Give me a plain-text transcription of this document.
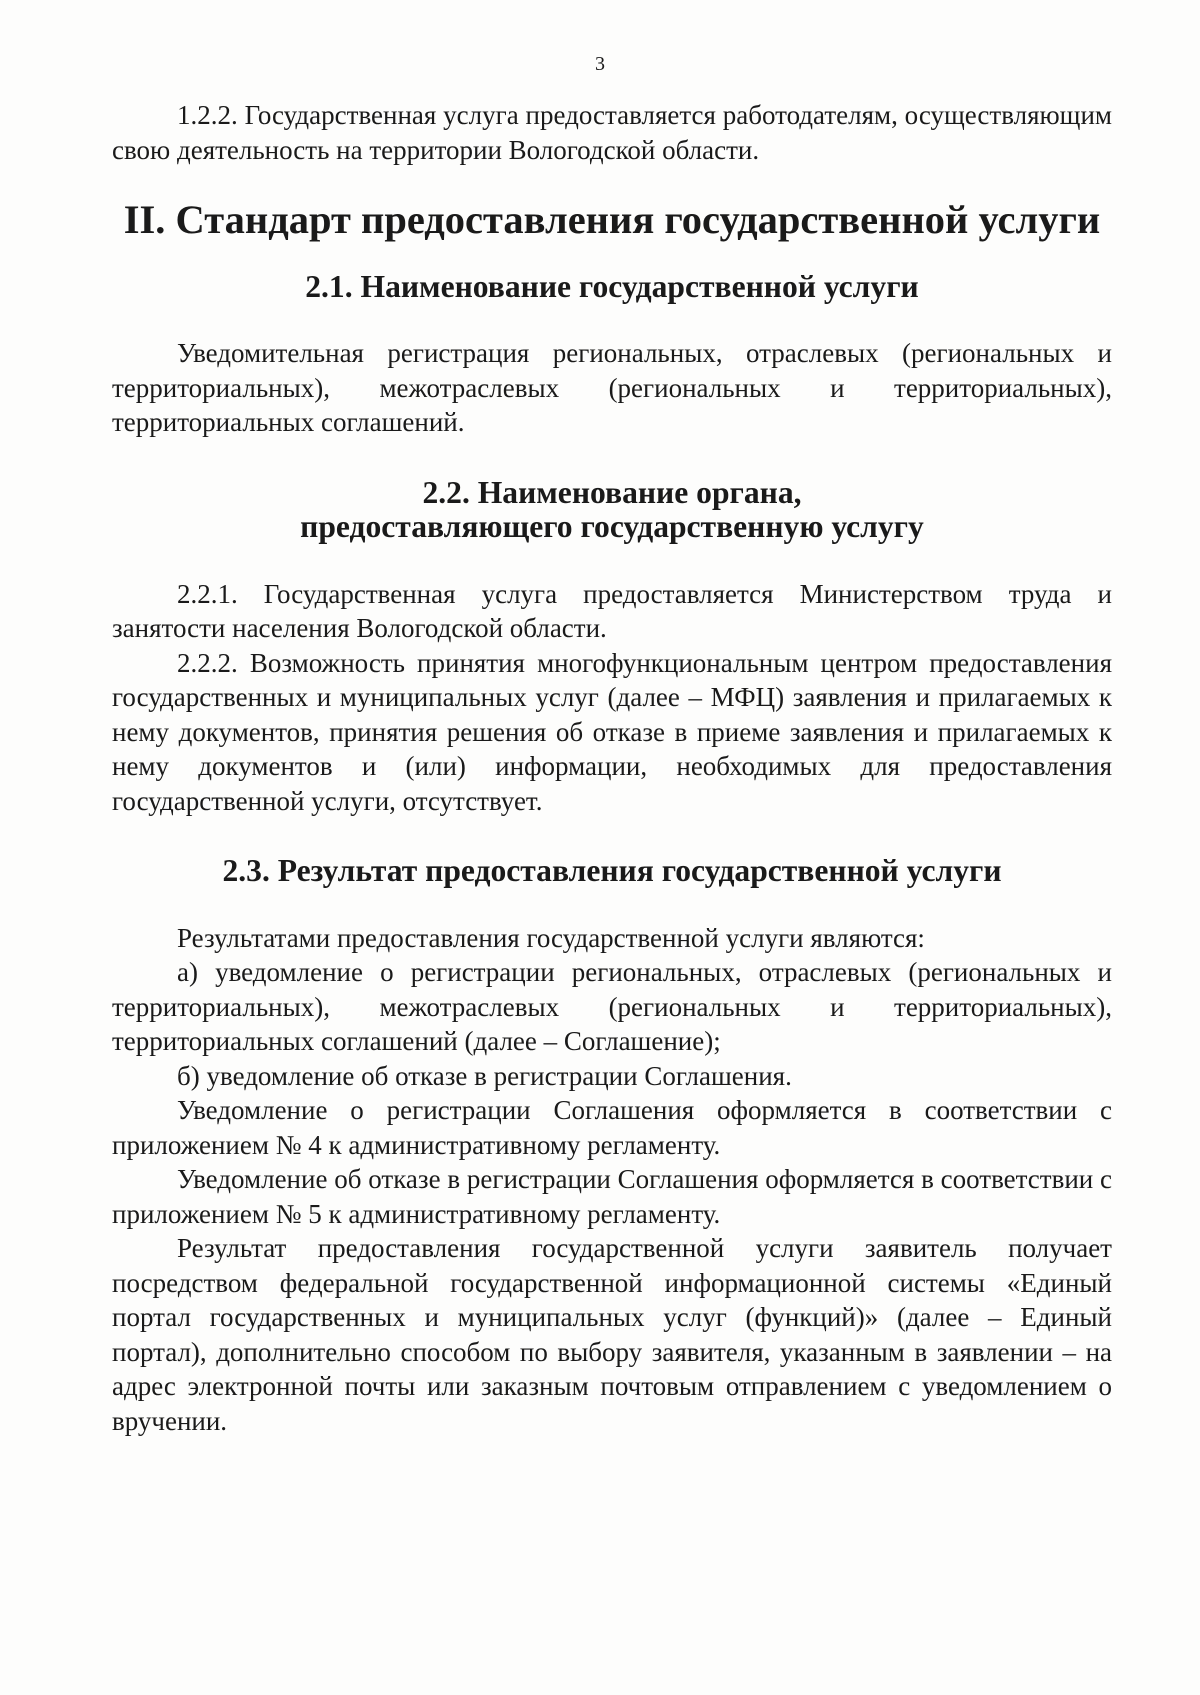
3

1.2.2. Государственная услуга предоставляется работодателям, осуществляющим свою деятельность на территории Вологодской области.

II. Стандарт предоставления государственной услуги
2.1. Наименование государственной услуги

Уведомительная регистрация региональных, отраслевых (региональных и территориальных), межотраслевых (региональных и территориальных), территориальных соглашений.

2.2. Наименование органа,
предоставляющего государственную услугу

2.2.1. Государственная услуга предоставляется Министерством труда и занятости населения Вологодской области.

2.2.2. Возможность принятия многофункциональным центром предоставления государственных и муниципальных услуг (далее – МФЦ) заявления и прилагаемых к нему документов, принятия решения об отказе в приеме заявления и прилагаемых к нему документов и (или) информации, необходимых для предоставления государственной услуги, отсутствует.

2.3. Результат предоставления государственной услуги

Результатами предоставления государственной услуги являются:

а) уведомление о регистрации региональных, отраслевых (региональных и территориальных), межотраслевых (региональных и территориальных), территориальных соглашений (далее – Соглашение);

б) уведомление об отказе в регистрации Соглашения.

Уведомление о регистрации Соглашения оформляется в соответствии с приложением № 4 к административному регламенту.

Уведомление об отказе в регистрации Соглашения оформляется в соответствии с приложением № 5 к административному регламенту.

Результат предоставления государственной услуги заявитель получает посредством федеральной государственной информационной системы «Единый портал государственных и муниципальных услуг (функций)» (далее – Единый портал), дополнительно способом по выбору заявителя, указанным в заявлении – на адрес электронной почты или заказным почтовым отправлением с уведомлением о вручении.
